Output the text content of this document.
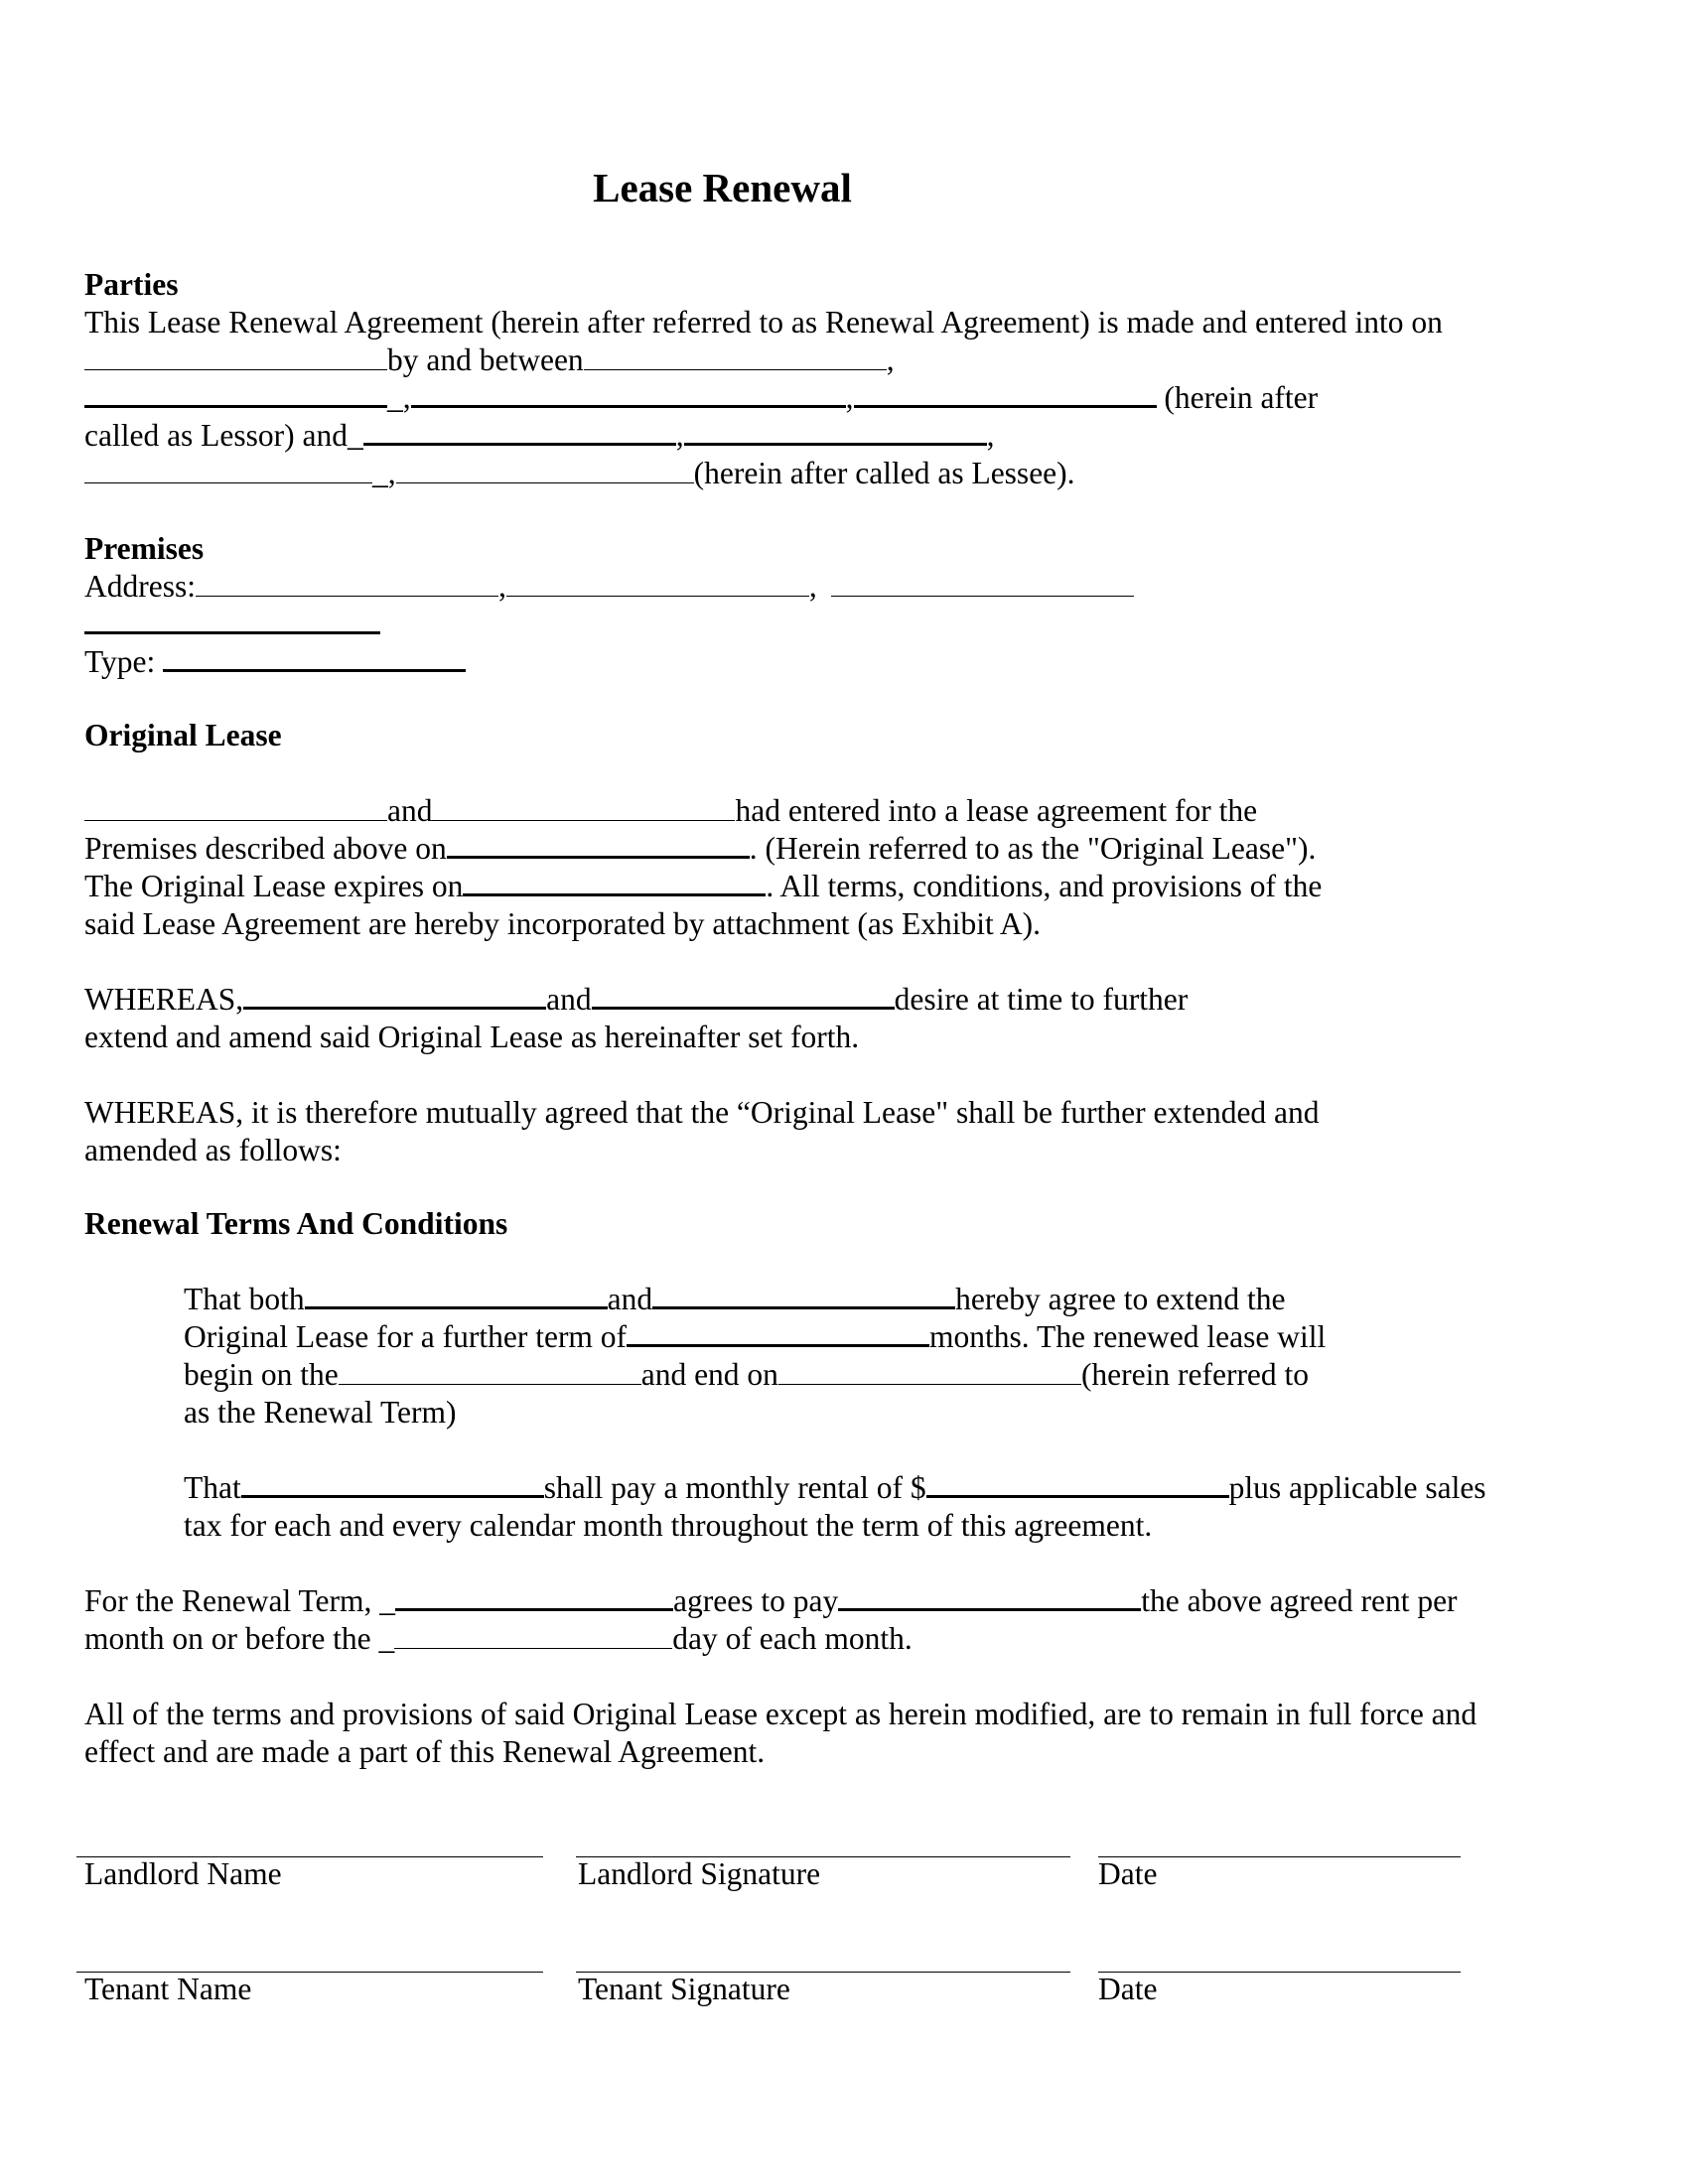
Lease Renewal
Parties
This Lease Renewal Agreement (herein after referred to as Renewal Agreement) is made and entered into on
by and between	,
_,	,	(herein after
called as Lessor) and_	,	,
_,	(herein after called as Lessee).
Premises
Address:	,	,
Type:
Original Lease
and	had entered into a lease agreement for the
Premises described above on	. (Herein referred to as the "Original Lease").
The Original Lease expires on	. All terms, conditions, and provisions of the
said Lease Agreement are hereby incorporated by attachment (as Exhibit A).
WHEREAS,	and	desire at time to further
extend and amend said Original Lease as hereinafter set forth.
WHEREAS, it is therefore mutually agreed that the “Original Lease" shall be further extended and
amended as follows:
Renewal Terms And Conditions
That both	and	hereby agree to extend the
Original Lease for a further term of	months. The renewed lease will
begin on the	and end on	(herein referred to
as the Renewal Term)
That	shall pay a monthly rental of $	plus applicable sales
tax for each and every calendar month throughout the term of this agreement.
For the Renewal Term, _	agrees to pay	the above agreed rent per
month on or before the _	day of each month.
All of the terms and provisions of said Original Lease except as herein modified, are to remain in full force and
effect and are made a part of this Renewal Agreement.
Landlord Name	Landlord Signature	Date
Tenant Name	Tenant Signature	Date
